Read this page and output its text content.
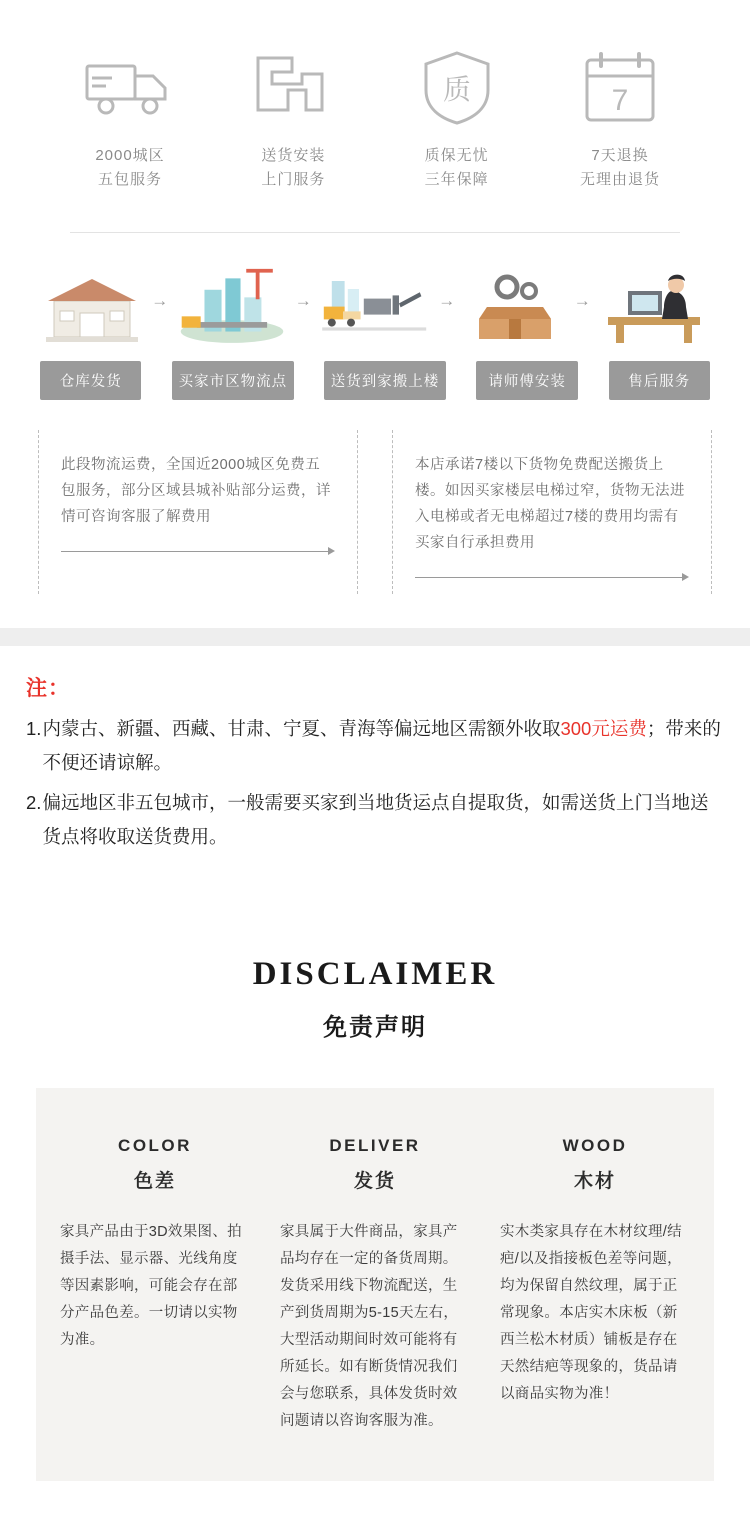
2000城区
五包服务
送货安装
上门服务
质
质保无忧
三年保障
7
7天退换
无理由退货
→	→	→	→
仓库发货	买家市区物流点	送货到家搬上楼	请师傅安装	售后服务

此段物流运费，全国近2000城区免费五包服务，部分区域县城补贴部分运费，详情可咨询客服了解费用

本店承诺7楼以下货物免费配送搬货上楼。如因买家楼层电梯过窄，货物无法进入电梯或者无电梯超过7楼的费用均需有买家自行承担费用

注：
1. 内蒙古、新疆、西藏、甘肃、宁夏、青海等偏远地区需额外收取300元运费；带来的不便还请谅解。
2. 偏远地区非五包城市，一般需要买家到当地货运点自提取货，如需送货上门当地送货点将收取送货费用。
DISCLAIMER
免责声明
COLOR
色差
家具产品由于3D效果图、拍摄手法、显示器、光线角度等因素影响，可能会存在部分产品色差。一切请以实物为准。
DELIVER
发货
家具属于大件商品，家具产品均存在一定的备货周期。发货采用线下物流配送，生产到货周期为5-15天左右，大型活动期间时效可能将有所延长。如有断货情况我们会与您联系，具体发货时效问题请以咨询客服为准。
WOOD
木材
实木类家具存在木材纹理/结疤/以及指接板色差等问题，均为保留自然纹理，属于正常现象。本店实木床板（新西兰松木材质）铺板是存在天然结疤等现象的，货品请以商品实物为准！
